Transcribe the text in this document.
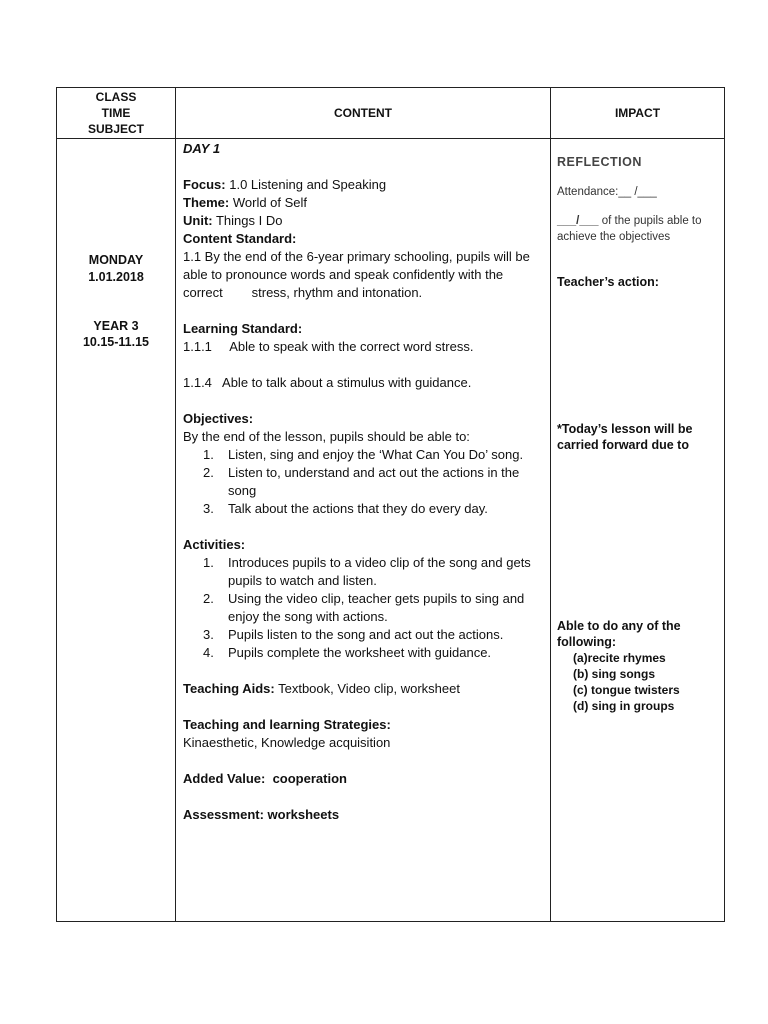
CLASS
TIME
SUBJECT
CONTENT	IMPACT
MONDAY
1.01.2018
YEAR 3
10.15-11.15

DAY 1

Focus: 1.0 Listening and Speaking

Theme: World of Self

Unit: Things I Do

Content Standard:

1.1 By the end of the 6-year primary schooling, pupils will be able to pronounce words and speak confidently with the correct        stress, rhythm and intonation.

Learning Standard:

1.1.1     Able to speak with the correct word stress.

1.1.4   Able to talk about a stimulus with guidance.

Objectives:

By the end of the lesson, pupils should be able to:

1. Listen, sing and enjoy the ‘What Can You Do’ song.
2. Listen to, understand and act out the actions in the song
3. Talk about the actions that they do every day.

Activities:

1. Introduces pupils to a video clip of the song and gets pupils to watch and listen.
2. Using the video clip, teacher gets pupils to sing and enjoy the song with actions.
3. Pupils listen to the song and act out the actions.
4. Pupils complete the worksheet with guidance.

Teaching Aids: Textbook, Video clip, worksheet

Teaching and learning Strategies:

Kinaesthetic, Knowledge acquisition

Added Value:  cooperation

Assessment: worksheets

REFLECTION
Attendance:__ /___
___/___ of the pupils able to achieve the objectives
Teacher’s action:
*Today’s lesson will be carried forward due to
Able to do any of the following:
(a)recite rhymes
(b) sing songs
(c) tongue twisters
(d) sing in groups
